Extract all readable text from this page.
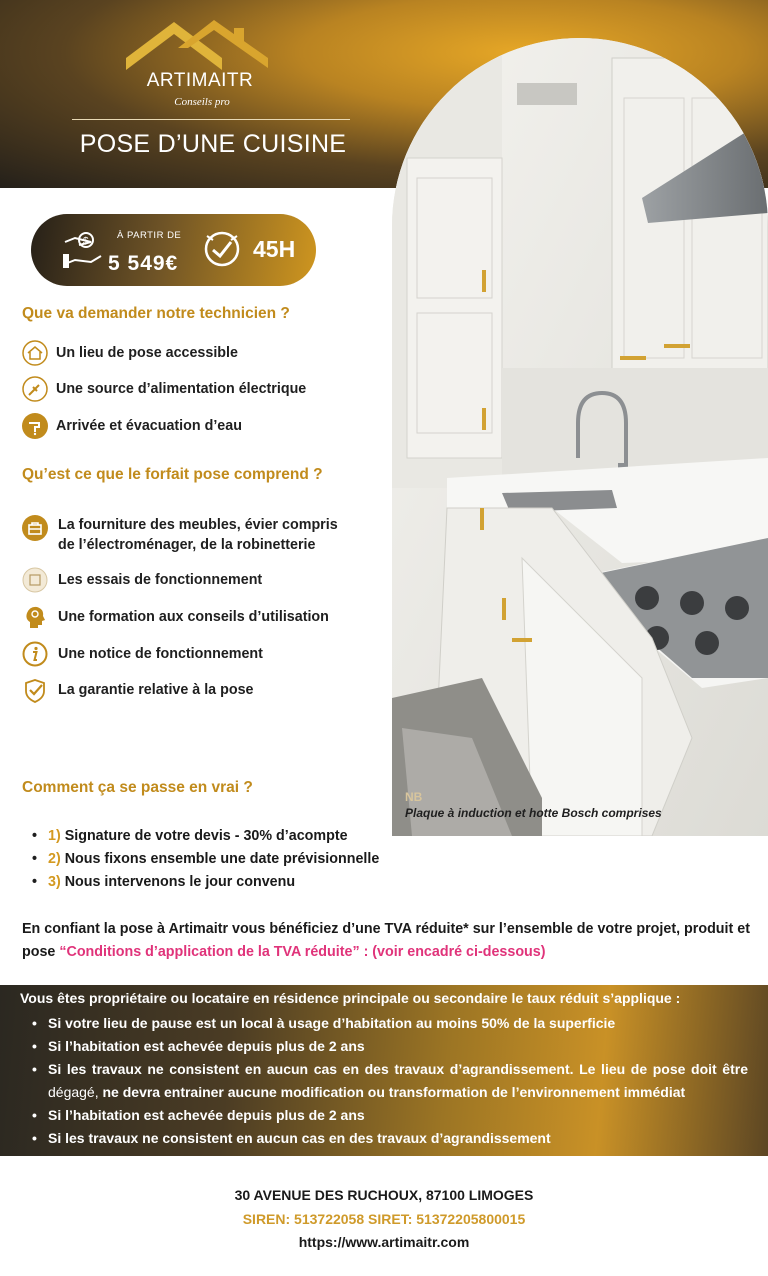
ARTIMAITR
Conseils pro
POSE D’UNE CUISINE
$
À PARTIR DE
5 549€
45H
Que va demander notre technicien ?
Un lieu de pose accessible
Une source d’alimentation électrique
Arrivée et évacuation d’eau
Qu’est ce que le forfait pose comprend ?
La fourniture des meubles, évier compris
de l’électroménager, de la robinetterie
Les essais de fonctionnement
Une formation aux conseils d’utilisation
Une notice de fonctionnement
La garantie relative à la pose
Comment ça se passe en vrai ?
NB
Plaque à induction et hotte Bosch comprises
• 1) Signature de votre devis - 30% d’acompte
• 2) Nous fixons ensemble une date prévisionnelle
• 3) Nous intervenons le jour convenu

En confiant la pose à Artimaitr vous bénéficiez d’une TVA réduite* sur l’ensemble de votre projet, produit et pose “Conditions d’application de la TVA réduite” : (voir encadré ci-dessous)

Vous êtes propriétaire ou locataire en résidence principale ou secondaire le taux réduit s’applique :
• Si votre lieu de pause est un local à usage d’habitation au moins 50% de la superficie
• Si l’habitation est achevée depuis plus de 2 ans
• Si les travaux ne consistent en aucun cas en des travaux d’agrandissement. Le lieu de pose doit être dégagé, ne devra entrainer aucune modification ou transformation de l’environnement immédiat
• Si l’habitation est achevée depuis plus de 2 ans
• Si les travaux ne consistent en aucun cas en des travaux d’agrandissement
30 AVENUE DES RUCHOUX, 87100 LIMOGES
SIREN: 513722058 SIRET: 51372205800015
https://www.artimaitr.com
